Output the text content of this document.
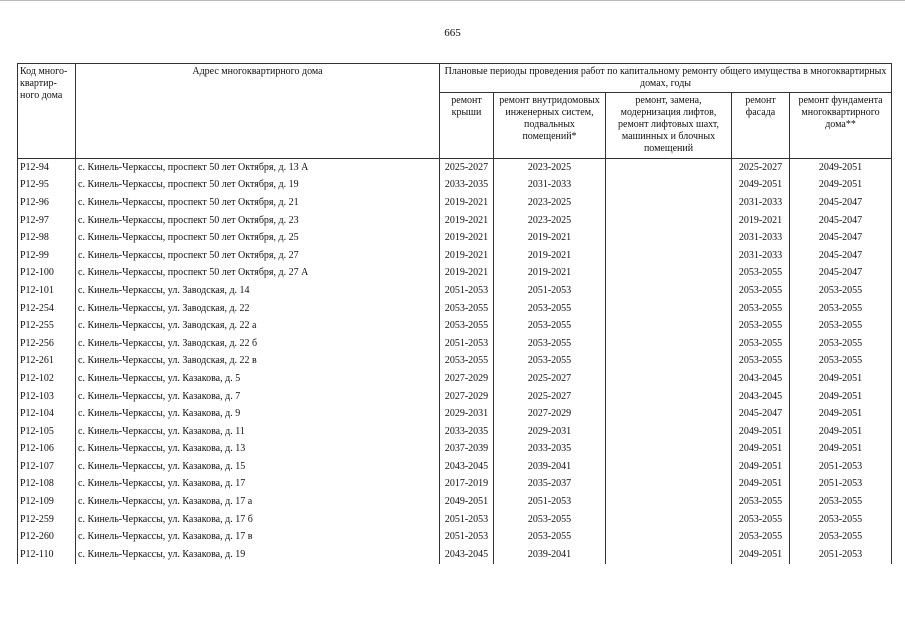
665
Код много-квартир-ного дома	Адрес многоквартирного дома	Плановые периоды проведения работ по капитальному ремонту общего имущества в многоквартирных домах, годы				
		ремонт крыши	ремонт внутридомовых инженерных систем, подвальных помещений*	ремонт, замена, модернизация лифтов, ремонт лифтовых шахт, машинных и блочных помещений	ремонт фасада	ремонт фундамента многоквартирного дома**
Р12-94	с. Кинель-Черкассы, проспект 50 лет Октября, д. 13 А	2025-2027	2023-2025		2025-2027	2049-2051
Р12-95	с. Кинель-Черкассы, проспект 50 лет Октября, д. 19	2033-2035	2031-2033		2049-2051	2049-2051
Р12-96	с. Кинель-Черкассы, проспект 50 лет Октября, д. 21	2019-2021	2023-2025		2031-2033	2045-2047
Р12-97	с. Кинель-Черкассы, проспект 50 лет Октября, д. 23	2019-2021	2023-2025		2019-2021	2045-2047
Р12-98	с. Кинель-Черкассы, проспект 50 лет Октября, д. 25	2019-2021	2019-2021		2031-2033	2045-2047
Р12-99	с. Кинель-Черкассы, проспект 50 лет Октября, д. 27	2019-2021	2019-2021		2031-2033	2045-2047
Р12-100	с. Кинель-Черкассы, проспект 50 лет Октября, д. 27 А	2019-2021	2019-2021		2053-2055	2045-2047
Р12-101	с. Кинель-Черкассы, ул. Заводская, д. 14	2051-2053	2051-2053		2053-2055	2053-2055
Р12-254	с. Кинель-Черкассы, ул. Заводская, д. 22	2053-2055	2053-2055		2053-2055	2053-2055
Р12-255	с. Кинель-Черкассы, ул. Заводская, д. 22 а	2053-2055	2053-2055		2053-2055	2053-2055
Р12-256	с. Кинель-Черкассы, ул. Заводская, д. 22 б	2051-2053	2053-2055		2053-2055	2053-2055
Р12-261	с. Кинель-Черкассы, ул. Заводская, д. 22 в	2053-2055	2053-2055		2053-2055	2053-2055
Р12-102	с. Кинель-Черкассы, ул. Казакова, д. 5	2027-2029	2025-2027		2043-2045	2049-2051
Р12-103	с. Кинель-Черкассы, ул. Казакова, д. 7	2027-2029	2025-2027		2043-2045	2049-2051
Р12-104	с. Кинель-Черкассы, ул. Казакова, д. 9	2029-2031	2027-2029		2045-2047	2049-2051
Р12-105	с. Кинель-Черкассы, ул. Казакова, д. 11	2033-2035	2029-2031		2049-2051	2049-2051
Р12-106	с. Кинель-Черкассы, ул. Казакова, д. 13	2037-2039	2033-2035		2049-2051	2049-2051
Р12-107	с. Кинель-Черкассы, ул. Казакова, д. 15	2043-2045	2039-2041		2049-2051	2051-2053
Р12-108	с. Кинель-Черкассы, ул. Казакова, д. 17	2017-2019	2035-2037		2049-2051	2051-2053
Р12-109	с. Кинель-Черкассы, ул. Казакова, д. 17 а	2049-2051	2051-2053		2053-2055	2053-2055
Р12-259	с. Кинель-Черкассы, ул. Казакова, д. 17 б	2051-2053	2053-2055		2053-2055	2053-2055
Р12-260	с. Кинель-Черкассы, ул. Казакова, д. 17 в	2051-2053	2053-2055		2053-2055	2053-2055
Р12-110	с. Кинель-Черкассы, ул. Казакова, д. 19	2043-2045	2039-2041		2049-2051	2051-2053
